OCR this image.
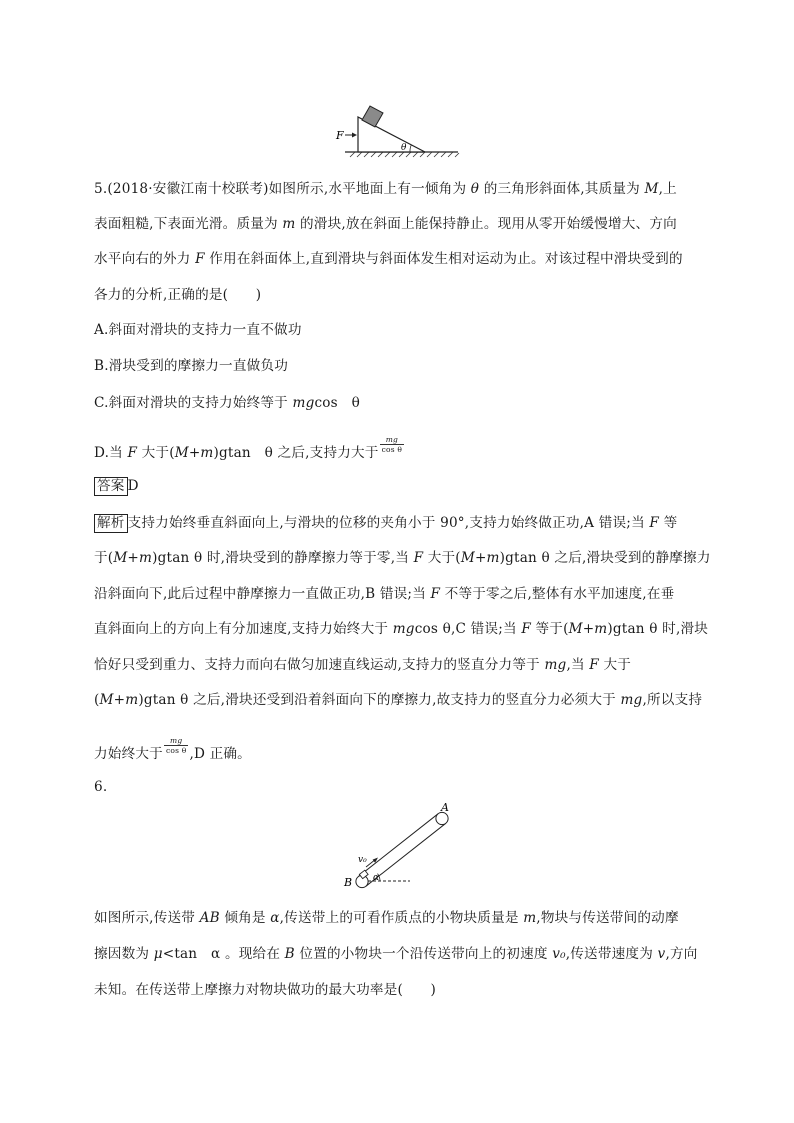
F
θ
5.(2018·安徽江南十校联考)如图所示,水平地面上有一倾角为 θ 的三角形斜面体,其质量为 M,上
表面粗糙,下表面光滑。质量为 m 的滑块,放在斜面上能保持静止。现用从零开始缓慢增大、方向
水平向右的外力 F 作用在斜面体上,直到滑块与斜面体发生相对运动为止。对该过程中滑块受到的
各力的分析,正确的是(　　)
A.斜面对滑块的支持力一直不做功
B.滑块受到的摩擦力一直做负功
C.斜面对滑块的支持力始终等于 mgcos　θ
D.当 F 大于(M+m)gtan　θ 之后,支持力大于 $\frac{mg}{\text{cos θ}}$
答案 D
解析 支持力始终垂直斜面向上,与滑块的位移的夹角小于 90°,支持力始终做正功,A 错误;当 F 等
于(M+m)gtan θ 时,滑块受到的静摩擦力等于零,当 F 大于(M+m)gtan θ 之后,滑块受到的静摩擦力
沿斜面向下,此后过程中静摩擦力一直做正功,B 错误;当 F 不等于零之后,整体有水平加速度,在垂
直斜面向上的方向上有分加速度,支持力始终大于 mgcos θ,C 错误;当 F 等于(M+m)gtan θ 时,滑块
恰好只受到重力、支持力而向右做匀加速直线运动,支持力的竖直分力等于 mg,当 F 大于
(M+m)gtan θ 之后,滑块还受到沿着斜面向下的摩擦力,故支持力的竖直分力必须大于 mg,所以支持
力始终大于 $\frac{mg}{\text{cos θ}} ,D$ 正确。
6.
v₀
α
A
B
如图所示,传送带 AB 倾角是 α,传送带上的可看作质点的小物块质量是 m,物块与传送带间的动摩
擦因数为 μ<tan　α 。现给在 B 位置的小物块一个沿传送带向上的初速度 v₀,传送带速度为 v,方向
未知。在传送带上摩擦力对物块做功的最大功率是(　　)
